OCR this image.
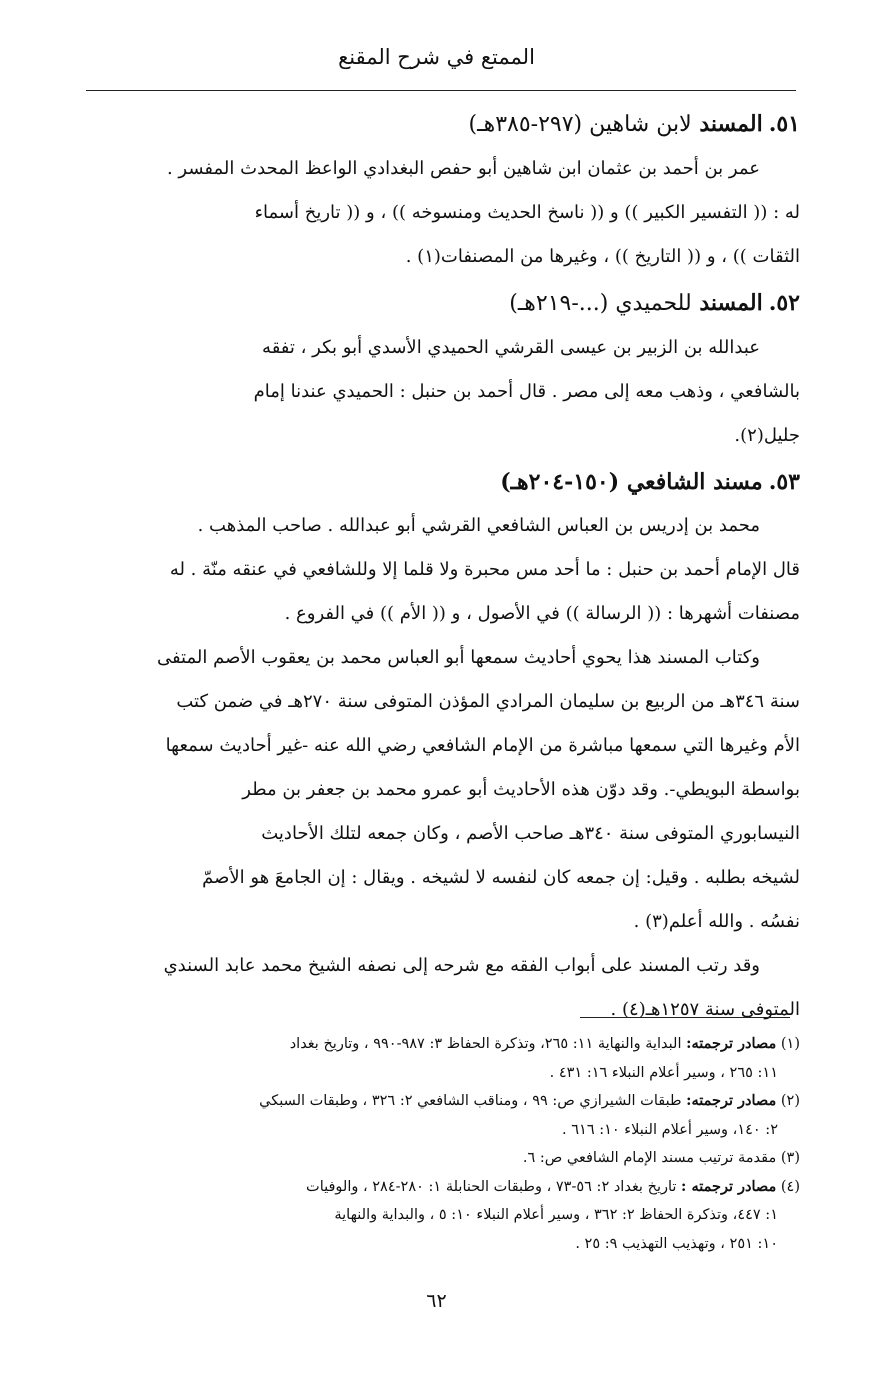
الممتع في شرح المقنع
٥١.المسند لابن شاهين (٢٩٧-٣٨٥هـ)
عمر بن أحمد بن عثمان ابن شاهين أبو حفص البغدادي الواعظ المحدث المفسر .
له : (( التفسير الكبير )) و (( ناسخ الحديث ومنسوخه )) ، و (( تاريخ أسماء
الثقات )) ، و (( التاريخ )) ، وغيرها من المصنفات(١) .
٥٢.المسند للحميدي (...-٢١٩هـ)
عبدالله بن الزبير بن عيسى القرشي الحميدي الأسدي أبو بكر ، تفقه
بالشافعي ، وذهب معه إلى مصر . قال أحمد بن حنبل : الحميدي عندنا إمام
جليل(٢).
٥٣.مسند الشافعي (١٥٠-٢٠٤هـ)
محمد بن إدريس بن العباس الشافعي القرشي أبو عبدالله . صاحب المذهب .
قال الإمام أحمد بن حنبل : ما أحد مس محبرة ولا قلما إلا وللشافعي في عنقه منّة . له
مصنفات أشهرها : (( الرسالة )) في الأصول ، و (( الأم )) في الفروع .
وكتاب المسند هذا يحوي أحاديث سمعها أبو العباس محمد بن يعقوب الأصم المتفى
سنة ٣٤٦هـ من الربيع بن سليمان المرادي المؤذن المتوفى سنة ٢٧٠هـ في ضمن كتب
الأم وغيرها التي سمعها مباشرة من الإمام الشافعي رضي الله عنه -غير أحاديث سمعها
بواسطة البويطي-. وقد دوّن هذه الأحاديث أبو عمرو محمد بن جعفر بن مطر
النيسابوري المتوفى سنة ٣٤٠هـ صاحب الأصم ، وكان جمعه لتلك الأحاديث
لشيخه بطلبه . وقيل: إن جمعه كان لنفسه لا لشيخه . ويقال : إن الجامعَ هو الأصمّ
نفسُه . والله أعلم(٣) .
وقد رتب المسند على أبواب الفقه مع شرحه إلى نصفه الشيخ محمد عابد السندي
المتوفى سنة ١٢٥٧هـ(٤) .
(١) مصادر ترجمته: البداية والنهاية ١١: ٢٦٥، وتذكرة الحفاظ ٣: ٩٨٧-٩٩٠ ، وتاريخ بغداد
١١: ٢٦٥ ، وسير أعلام النبلاء ١٦: ٤٣١ .
(٢) مصادر ترجمته: طبقات الشيرازي ص: ٩٩ ، ومناقب الشافعي ٢: ٣٢٦ ، وطبقات السبكي
٢: ١٤٠، وسير أعلام النبلاء ١٠: ٦١٦ .
(٣) مقدمة ترتيب مسند الإمام الشافعي ص: ٦.
(٤) مصادر ترجمته : تاريخ بغداد ٢: ٥٦-٧٣ ، وطبقات الحنابلة ١: ٢٨٠-٢٨٤ ، والوفيات
١: ٤٤٧، وتذكرة الحفاظ ٢: ٣٦٢ ، وسير أعلام النبلاء ١٠: ٥ ، والبداية والنهاية
١٠: ٢٥١ ، وتهذيب التهذيب ٩: ٢٥ .
٦٢
